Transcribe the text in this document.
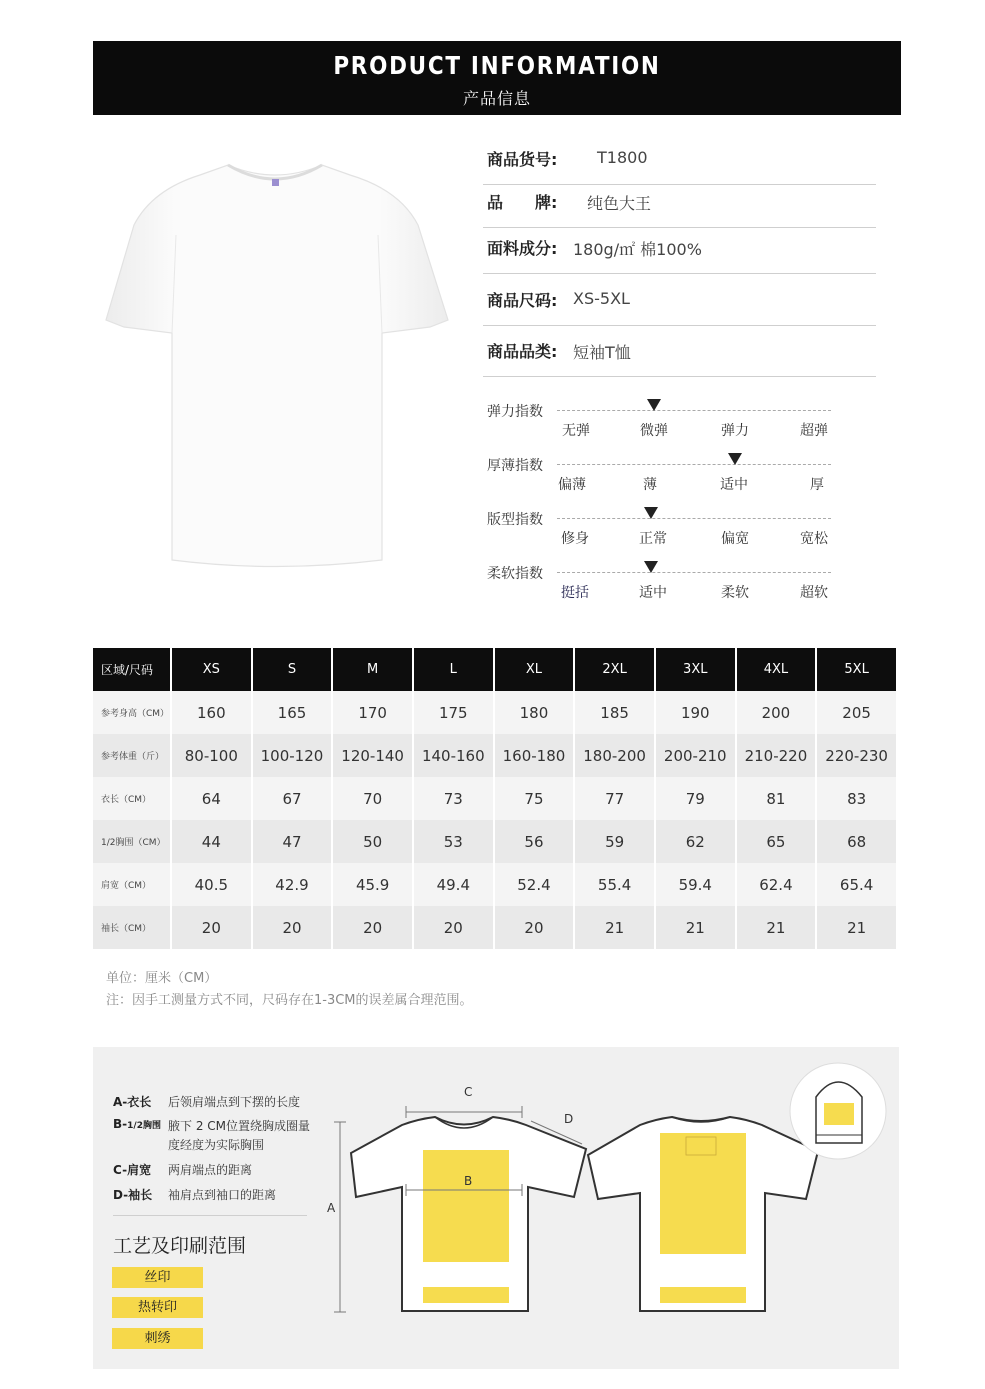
PRODUCT INFORMATION
产品信息
商品货号: T1800
品　　牌: 纯色大王
面料成分: 180g/㎡ 棉100%
商品尺码: XS-5XL
商品品类: 短袖T恤
弹力指数
无弹	微弹	弹力	超弹
厚薄指数
偏薄	薄	适中	厚
版型指数
修身	正常	偏宽	宽松
柔软指数
挺括	适中	柔软	超软
区域/尺码	XS	S	M	L	XL	2XL	3XL	4XL	5XL
参考身高（CM）	160	165	170	175	180	185	190	200	205
参考体重（斤）	80-100	100-120	120-140	140-160	160-180	180-200	200-210	210-220	220-230
衣长（CM）	64	67	70	73	75	77	79	81	83
1/2胸围（CM）	44	47	50	53	56	59	62	65	68
肩宽（CM）	40.5	42.9	45.9	49.4	52.4	55.4	59.4	62.4	65.4
袖长（CM）	20	20	20	20	20	21	21	21	21
单位：厘米（CM）
注：因手工测量方式不同，尺码存在1-3CM的误差属合理范围。
A-衣长 后领肩端点到下摆的长度
B-1/2胸围 腋下 2 CM位置绕胸成圈量度经度为实际胸围
C-肩宽 两肩端点的距离
D-袖长 袖肩点到袖口的距离
工艺及印刷范围
丝印
热转印
刺绣
A
C
D
B
